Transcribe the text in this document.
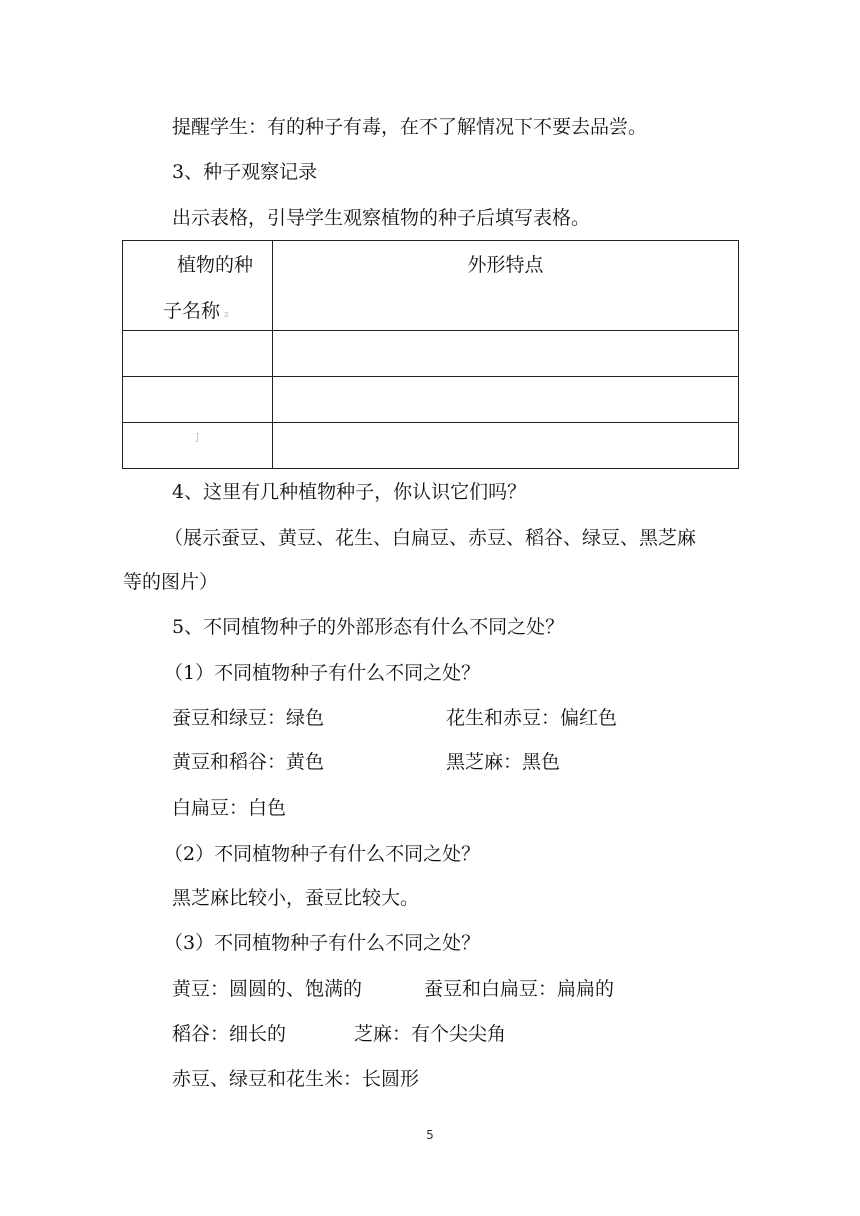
提醒学生：有的种子有毒，在不了解情况下不要去品尝。
3、种子观察记录
出示表格，引导学生观察植物的种子后填写表格。
植物的种
子名称 z	外形特点

J	

4、这里有几种植物种子，你认识它们吗？
（展示蚕豆、黄豆、花生、白扁豆、赤豆、稻谷、绿豆、黑芝麻
等的图片）
5、不同植物种子的外部形态有什么不同之处？
（1）不同植物种子有什么不同之处？
蚕豆和绿豆：绿色	花生和赤豆：偏红色
黄豆和稻谷：黄色	黑芝麻：黑色
白扁豆：白色
（2）不同植物种子有什么不同之处？
黑芝麻比较小，蚕豆比较大。
（3）不同植物种子有什么不同之处？
黄豆：圆圆的、饱满的	蚕豆和白扁豆：扁扁的
稻谷：细长的	芝麻：有个尖尖角
赤豆、绿豆和花生米：长圆形
5
